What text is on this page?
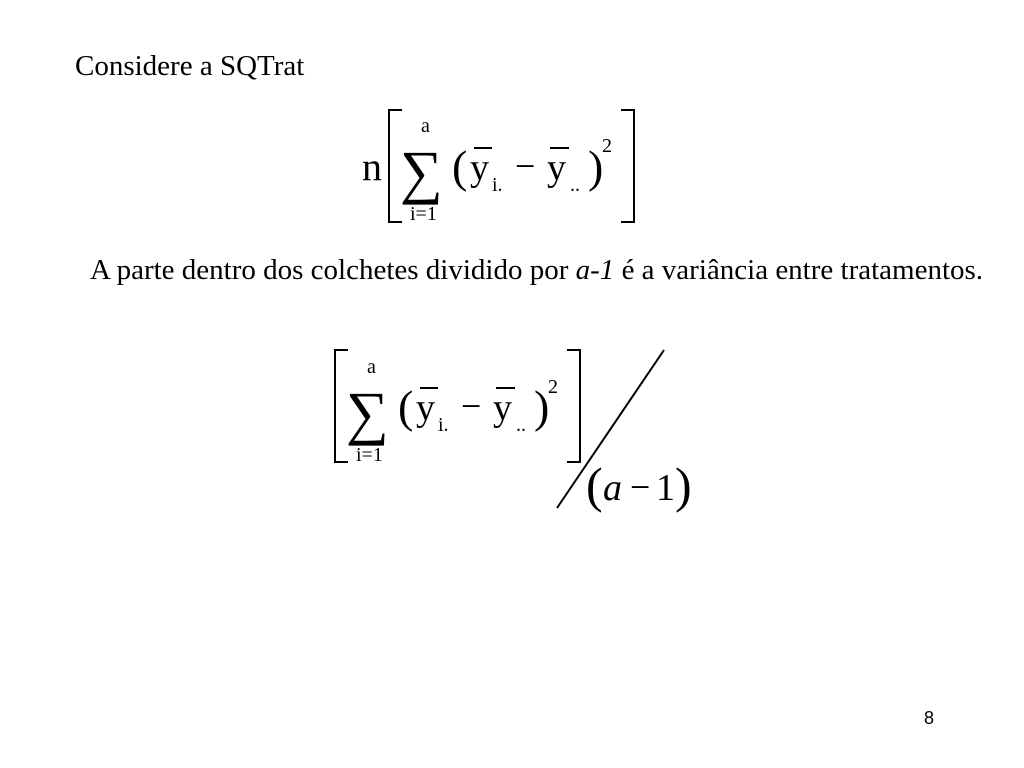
Considere a SQTrat
n
a
∑
i=1
( y i. − y .. )
2
A parte dentro dos colchetes dividido por a-1 é a variância entre tratamentos.
a
∑
i=1
( y i. − y .. )
2
( a − 1 )
8
